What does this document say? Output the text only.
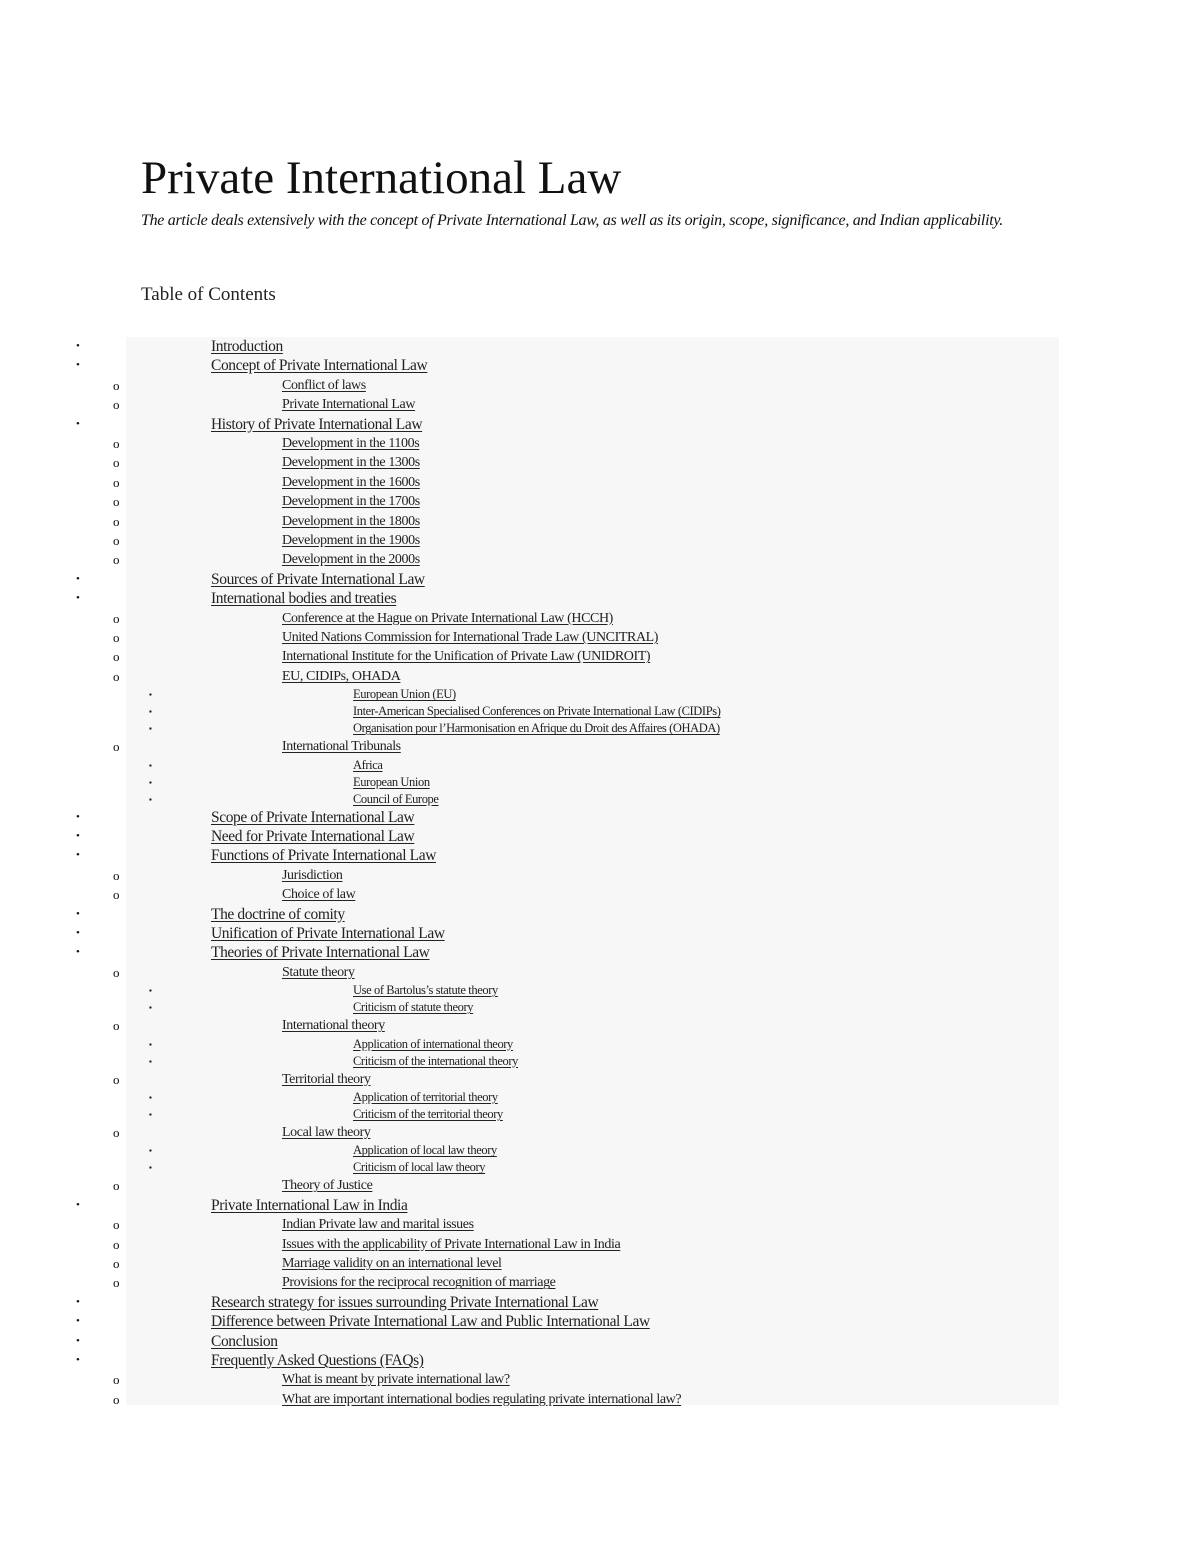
Private International Law

The article deals extensively with the concept of Private International Law, as well as its origin, scope, significance, and Indian applicability.

Table of Contents
•	Introduction
•	Concept of Private International Law
o	Conflict of laws
o	Private International Law
•	History of Private International Law
o	Development in the 1100s
o	Development in the 1300s
o	Development in the 1600s
o	Development in the 1700s
o	Development in the 1800s
o	Development in the 1900s
o	Development in the 2000s
•	Sources of Private International Law
•	International bodies and treaties
o	Conference at the Hague on Private International Law (HCCH)
o	United Nations Commission for International Trade Law (UNCITRAL)
o	International Institute for the Unification of Private Law (UNIDROIT)
o	EU, CIDIPs, OHADA
▪	European Union (EU)
▪	Inter-American Specialised Conferences on Private International Law (CIDIPs)
▪	Organisation pour l’Harmonisation en Afrique du Droit des Affaires (OHADA)
o	International Tribunals
▪	Africa
▪	European Union
▪	Council of Europe
•	Scope of Private International Law
•	Need for Private International Law
•	Functions of Private International Law
o	Jurisdiction
o	Choice of law
•	The doctrine of comity
•	Unification of Private International Law
•	Theories of Private International Law
o	Statute theory
▪	Use of Bartolus’s statute theory
▪	Criticism of statute theory
o	International theory
▪	Application of international theory
▪	Criticism of the international theory
o	Territorial theory
▪	Application of territorial theory
▪	Criticism of the territorial theory
o	Local law theory
▪	Application of local law theory
▪	Criticism of local law theory
o	Theory of Justice
•	Private International Law in India
o	Indian Private law and marital issues
o	Issues with the applicability of Private International Law in India
o	Marriage validity on an international level
o	Provisions for the reciprocal recognition of marriage
•	Research strategy for issues surrounding Private International Law
•	Difference between Private International Law and Public International Law
•	Conclusion
•	Frequently Asked Questions (FAQs)
o	What is meant by private international law?
o	What are important international bodies regulating private international law?
